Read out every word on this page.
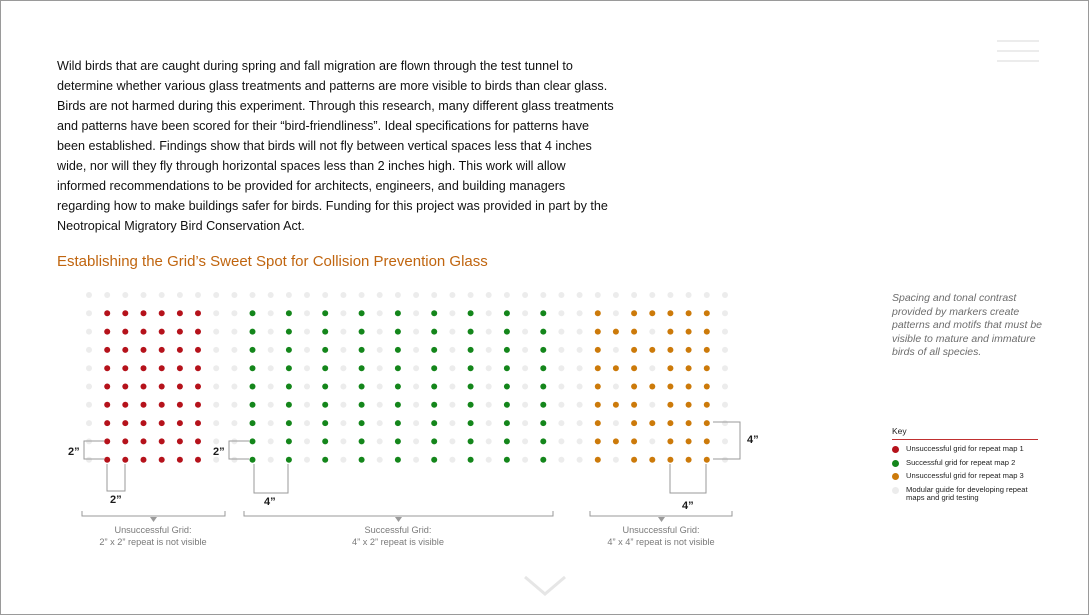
Wild birds that are caught during spring and fall migration are flown through the test tunnel to determine whether various glass treatments and patterns are more visible to birds than clear glass. Birds are not harmed during this experiment. Through this research, many different glass treatments and patterns have been scored for their “bird-friendliness”. Ideal specifications for patterns have been established. Findings show that birds will not fly between vertical spaces less that 4 inches wide, nor will they fly through horizontal spaces less than 2 inches high. This work will allow informed recommendations to be provided for architects, engineers, and building managers regarding how to make buildings safer for birds. Funding for this project was provided in part by the Neotropical Migratory Bird Conservation Act.

Establishing the Grid’s Sweet Spot for Collision Prevention Glass
2”
2”
2”
4”
4”
4”
Unsuccessful Grid:
2” x 2” repeat is not visible
Successful Grid:
4” x 2” repeat is visible
Unsuccessful Grid:
4” x 4” repeat is not visible

Spacing and tonal contrast provided by markers create patterns and motifs that must be visible to mature and immature birds of all species.

Key
Unsuccessful grid for repeat map 1
Successful grid for repeat map 2
Unsuccessful grid for repeat map 3
Modular guide for developing repeat maps and grid testing
